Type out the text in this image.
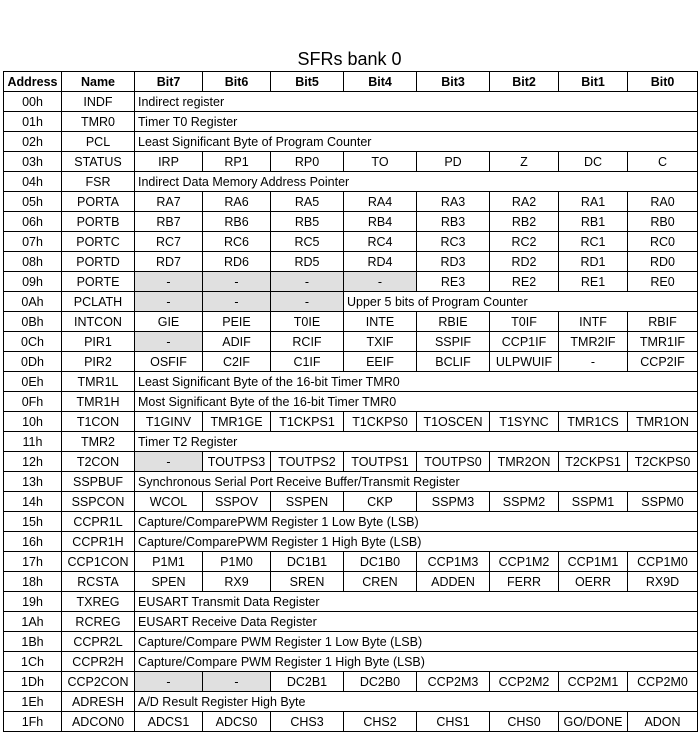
SFRs bank 0
Address	Name	Bit7	Bit6	Bit5	Bit4	Bit3	Bit2	Bit1	Bit0
00h	INDF	Indirect register							
01h	TMR0	Timer T0 Register							
02h	PCL	Least Significant Byte of Program Counter							
03h	STATUS	IRP	RP1	RP0	TO	PD	Z	DC	C
04h	FSR	Indirect Data Memory Address Pointer							
05h	PORTA	RA7	RA6	RA5	RA4	RA3	RA2	RA1	RA0
06h	PORTB	RB7	RB6	RB5	RB4	RB3	RB2	RB1	RB0
07h	PORTC	RC7	RC6	RC5	RC4	RC3	RC2	RC1	RC0
08h	PORTD	RD7	RD6	RD5	RD4	RD3	RD2	RD1	RD0
09h	PORTE	-	-	-	-	RE3	RE2	RE1	RE0
0Ah	PCLATH	-	-	-	Upper 5 bits of Program Counter				
0Bh	INTCON	GIE	PEIE	T0IE	INTE	RBIE	T0IF	INTF	RBIF
0Ch	PIR1	-	ADIF	RCIF	TXIF	SSPIF	CCP1IF	TMR2IF	TMR1IF
0Dh	PIR2	OSFIF	C2IF	C1IF	EEIF	BCLIF	ULPWUIF	-	CCP2IF
0Eh	TMR1L	Least Significant Byte of the 16-bit Timer TMR0							
0Fh	TMR1H	Most Significant Byte of the 16-bit Timer TMR0							
10h	T1CON	T1GINV	TMR1GE	T1CKPS1	T1CKPS0	T1OSCEN	T1SYNC	TMR1CS	TMR1ON
11h	TMR2	Timer T2 Register							
12h	T2CON	-	TOUTPS3	TOUTPS2	TOUTPS1	TOUTPS0	TMR2ON	T2CKPS1	T2CKPS0
13h	SSPBUF	Synchronous Serial Port Receive Buffer/Transmit Register							
14h	SSPCON	WCOL	SSPOV	SSPEN	CKP	SSPM3	SSPM2	SSPM1	SSPM0
15h	CCPR1L	Capture/ComparePWM Register 1 Low Byte (LSB)							
16h	CCPR1H	Capture/ComparePWM Register 1 High Byte (LSB)							
17h	CCP1CON	P1M1	P1M0	DC1B1	DC1B0	CCP1M3	CCP1M2	CCP1M1	CCP1M0
18h	RCSTA	SPEN	RX9	SREN	CREN	ADDEN	FERR	OERR	RX9D
19h	TXREG	EUSART Transmit Data Register							
1Ah	RCREG	EUSART Receive Data Register							
1Bh	CCPR2L	Capture/Compare PWM Register 1 Low Byte (LSB)							
1Ch	CCPR2H	Capture/Compare PWM Register 1 High Byte (LSB)							
1Dh	CCP2CON	-	-	DC2B1	DC2B0	CCP2M3	CCP2M2	CCP2M1	CCP2M0
1Eh	ADRESH	A/D Result Register High Byte							
1Fh	ADCON0	ADCS1	ADCS0	CHS3	CHS2	CHS1	CHS0	GO/DONE	ADON
